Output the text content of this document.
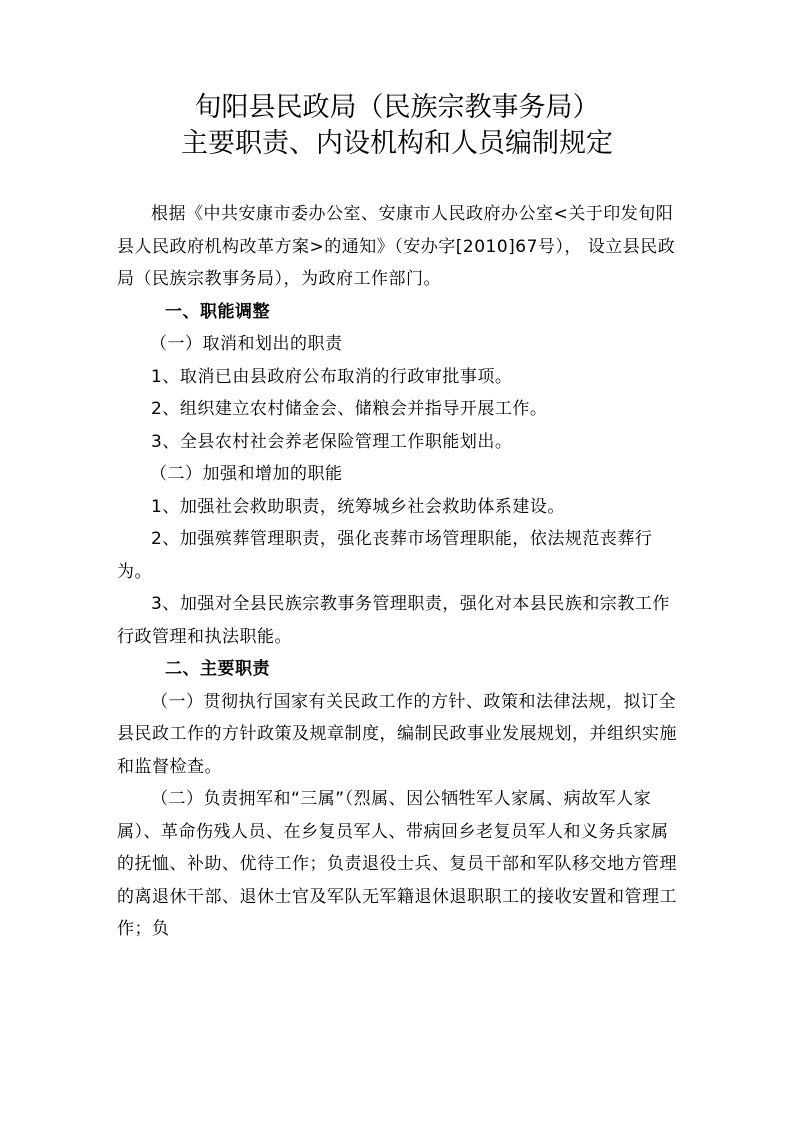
旬阳县民政局（民族宗教事务局）
主要职责、内设机构和人员编制规定

根据《中共安康市委办公室、安康市人民政府办公室<关于印发旬阳县人民政府机构改革方案>的通知》（安办字[2010]67号）， 设立县民政局（民族宗教事务局），为政府工作部门。

一、职能调整

（一）取消和划出的职责

1、取消已由县政府公布取消的行政审批事项。

2、组织建立农村储金会、储粮会并指导开展工作。

3、全县农村社会养老保险管理工作职能划出。

（二）加强和增加的职能

1、加强社会救助职责，统筹城乡社会救助体系建设。

2、加强殡葬管理职责，强化丧葬市场管理职能，依法规范丧葬行为。

3、加强对全县民族宗教事务管理职责，强化对本县民族和宗教工作行政管理和执法职能。

二、主要职责

（一）贯彻执行国家有关民政工作的方针、政策和法律法规，拟订全县民政工作的方针政策及规章制度，编制民政事业发展规划，并组织实施和监督检查。

（二）负责拥军和“三属”（烈属、因公牺牲军人家属、病故军人家属）、革命伤残人员、在乡复员军人、带病回乡老复员军人和义务兵家属的抚恤、补助、优待工作；负责退役士兵、复员干部和军队移交地方管理的离退休干部、退休士官及军队无军籍退休退职职工的接收安置和管理工作；负
